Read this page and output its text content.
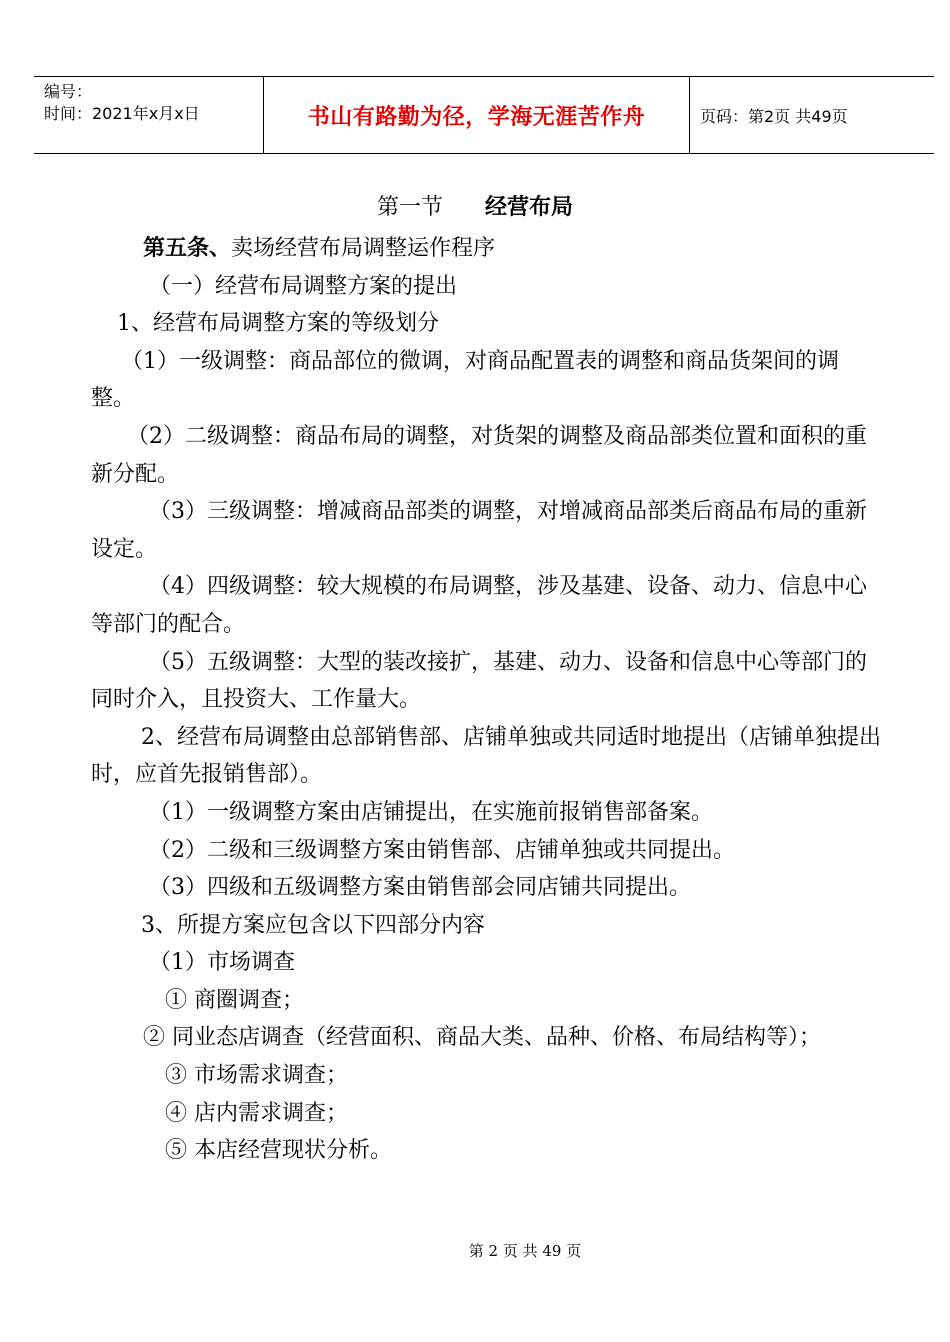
编号：
时间：2021年x月x日	书山有路勤为径，学海无涯苦作舟	页码：第2页 共49页
第一节 经营布局

第五条、卖场经营布局调整运作程序

（一）经营布局调整方案的提出

1、经营布局调整方案的等级划分

（1）一级调整：商品部位的微调，对商品配置表的调整和商品货架间的调整。

（2）二级调整：商品布局的调整，对货架的调整及商品部类位置和面积的重新分配。

（3）三级调整：增减商品部类的调整，对增减商品部类后商品布局的重新设定。

（4）四级调整：较大规模的布局调整，涉及基建、设备、动力、信息中心等部门的配合。

（5）五级调整：大型的装改接扩，基建、动力、设备和信息中心等部门的同时介入，且投资大、工作量大。

2、经营布局调整由总部销售部、店铺单独或共同适时地提出（店铺单独提出时，应首先报销售部）。

（1）一级调整方案由店铺提出，在实施前报销售部备案。

（2）二级和三级调整方案由销售部、店铺单独或共同提出。

（3）四级和五级调整方案由销售部会同店铺共同提出。

3、所提方案应包含以下四部分内容

（1）市场调查

① 商圈调查；

② 同业态店调查（经营面积、商品大类、品种、价格、布局结构等）；

③ 市场需求调查；

④ 店内需求调查；

⑤ 本店经营现状分析。

第 2 页 共 49 页
